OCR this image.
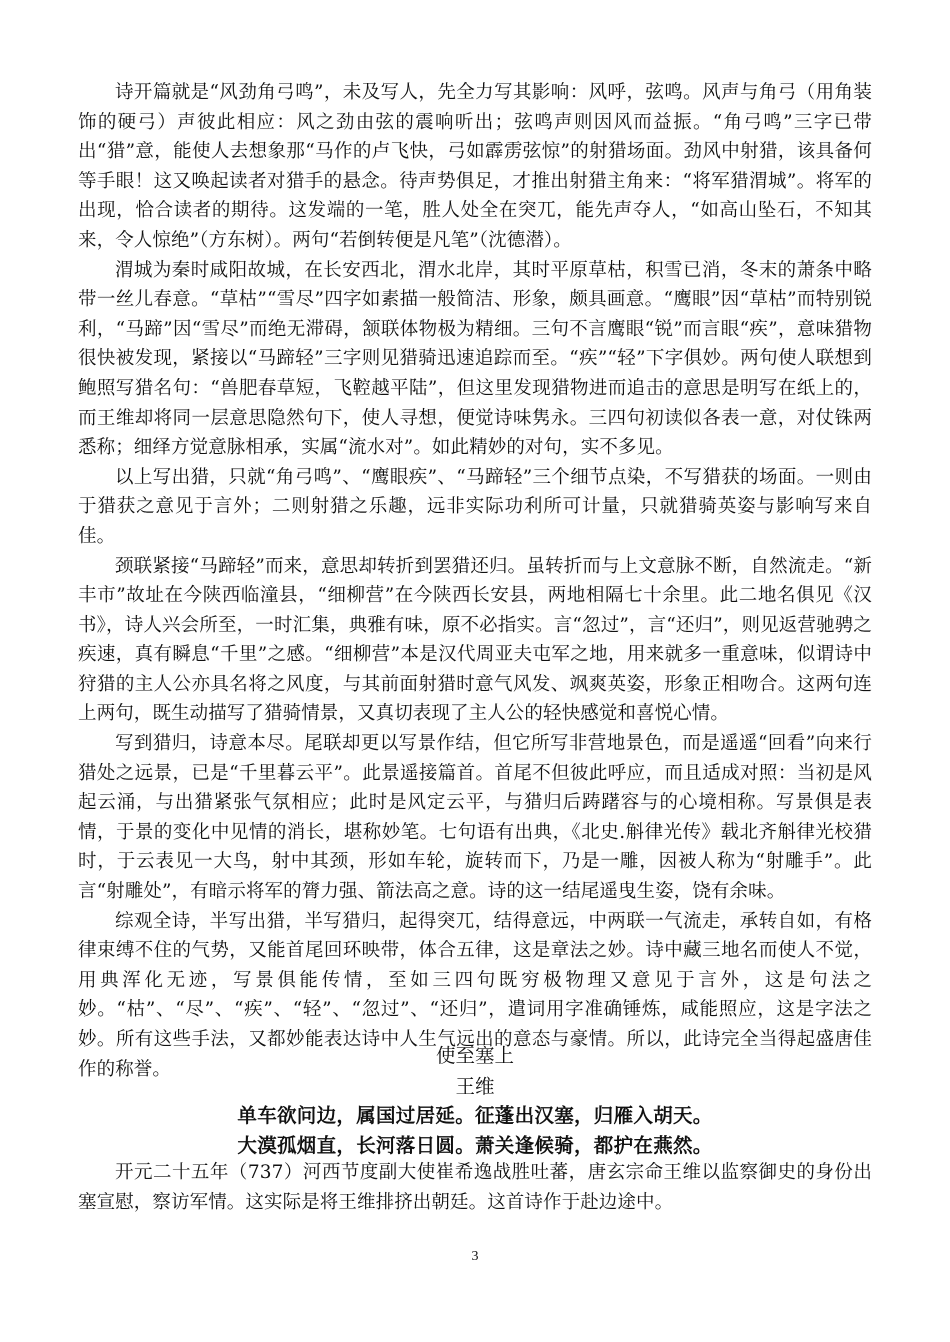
诗开篇就是“风劲角弓鸣”，未及写人，先全力写其影响：风呼，弦鸣。风声与角弓（用角装饰的硬弓）声彼此相应：风之劲由弦的震响听出；弦鸣声则因风而益振。“角弓鸣”三字已带出“猎”意，能使人去想象那“马作的卢飞快，弓如霹雳弦惊”的射猎场面。劲风中射猎，该具备何等手眼！这又唤起读者对猎手的悬念。待声势俱足，才推出射猎主角来：“将军猎渭城”。将军的出现，恰合读者的期待。这发端的一笔，胜人处全在突兀，能先声夺人，“如高山坠石，不知其来，令人惊绝”（方东树）。两句“若倒转便是凡笔”（沈德潜）。

渭城为秦时咸阳故城，在长安西北，渭水北岸，其时平原草枯，积雪已消，冬末的萧条中略带一丝儿春意。“草枯”“雪尽”四字如素描一般简洁、形象，颇具画意。“鹰眼”因“草枯”而特别锐利，“马蹄”因“雪尽”而绝无滞碍，颔联体物极为精细。三句不言鹰眼“锐”而言眼“疾”，意味猎物很快被发现，紧接以“马蹄轻”三字则见猎骑迅速追踪而至。“疾”“轻”下字俱妙。两句使人联想到鲍照写猎名句：“兽肥春草短，飞鞚越平陆”，但这里发现猎物进而追击的意思是明写在纸上的，而王维却将同一层意思隐然句下，使人寻想，便觉诗味隽永。三四句初读似各表一意，对仗铢两悉称；细绎方觉意脉相承，实属“流水对”。如此精妙的对句，实不多见。

以上写出猎，只就“角弓鸣”、“鹰眼疾”、“马蹄轻”三个细节点染，不写猎获的场面。一则由于猎获之意见于言外；二则射猎之乐趣，远非实际功利所可计量，只就猎骑英姿与影响写来自佳。

颈联紧接“马蹄轻”而来，意思却转折到罢猎还归。虽转折而与上文意脉不断，自然流走。“新丰市”故址在今陕西临潼县，“细柳营”在今陕西长安县，两地相隔七十余里。此二地名俱见《汉书》，诗人兴会所至，一时汇集，典雅有味，原不必指实。言“忽过”，言“还归”，则见返营驰骋之疾速，真有瞬息“千里”之感。“细柳营”本是汉代周亚夫屯军之地，用来就多一重意味，似谓诗中狩猎的主人公亦具名将之风度，与其前面射猎时意气风发、飒爽英姿，形象正相吻合。这两句连上两句，既生动描写了猎骑情景，又真切表现了主人公的轻快感觉和喜悦心情。

写到猎归，诗意本尽。尾联却更以写景作结，但它所写非营地景色，而是遥遥“回看”向来行猎处之远景，已是“千里暮云平”。此景遥接篇首。首尾不但彼此呼应，而且适成对照：当初是风起云涌，与出猎紧张气氛相应；此时是风定云平，与猎归后踌躇容与的心境相称。写景俱是表情，于景的变化中见情的消长，堪称妙笔。七句语有出典，《北史.斛律光传》载北齐斛律光校猎时，于云表见一大鸟，射中其颈，形如车轮，旋转而下，乃是一雕，因被人称为“射雕手”。此言“射雕处”，有暗示将军的膂力强、箭法高之意。诗的这一结尾遥曳生姿，饶有余味。

综观全诗，半写出猎，半写猎归，起得突兀，结得意远，中两联一气流走，承转自如，有格律束缚不住的气势，又能首尾回环映带，体合五律，这是章法之妙。诗中藏三地名而使人不觉，用典浑化无迹，写景俱能传情，至如三四句既穷极物理又意见于言外，这是句法之妙。“枯”、“尽”、“疾”、“轻”、“忽过”、“还归”，遣词用字准确锤炼，咸能照应，这是字法之妙。所有这些手法，又都妙能表达诗中人生气远出的意态与豪情。所以，此诗完全当得起盛唐佳作的称誉。

使至塞上
王维

单车欲问边，属国过居延。征蓬出汉塞，归雁入胡天。

大漠孤烟直，长河落日圆。萧关逢候骑，都护在燕然。

开元二十五年（737）河西节度副大使崔希逸战胜吐蕃，唐玄宗命王维以监察御史的身份出塞宣慰，察访军情。这实际是将王维排挤出朝廷。这首诗作于赴边途中。

3
